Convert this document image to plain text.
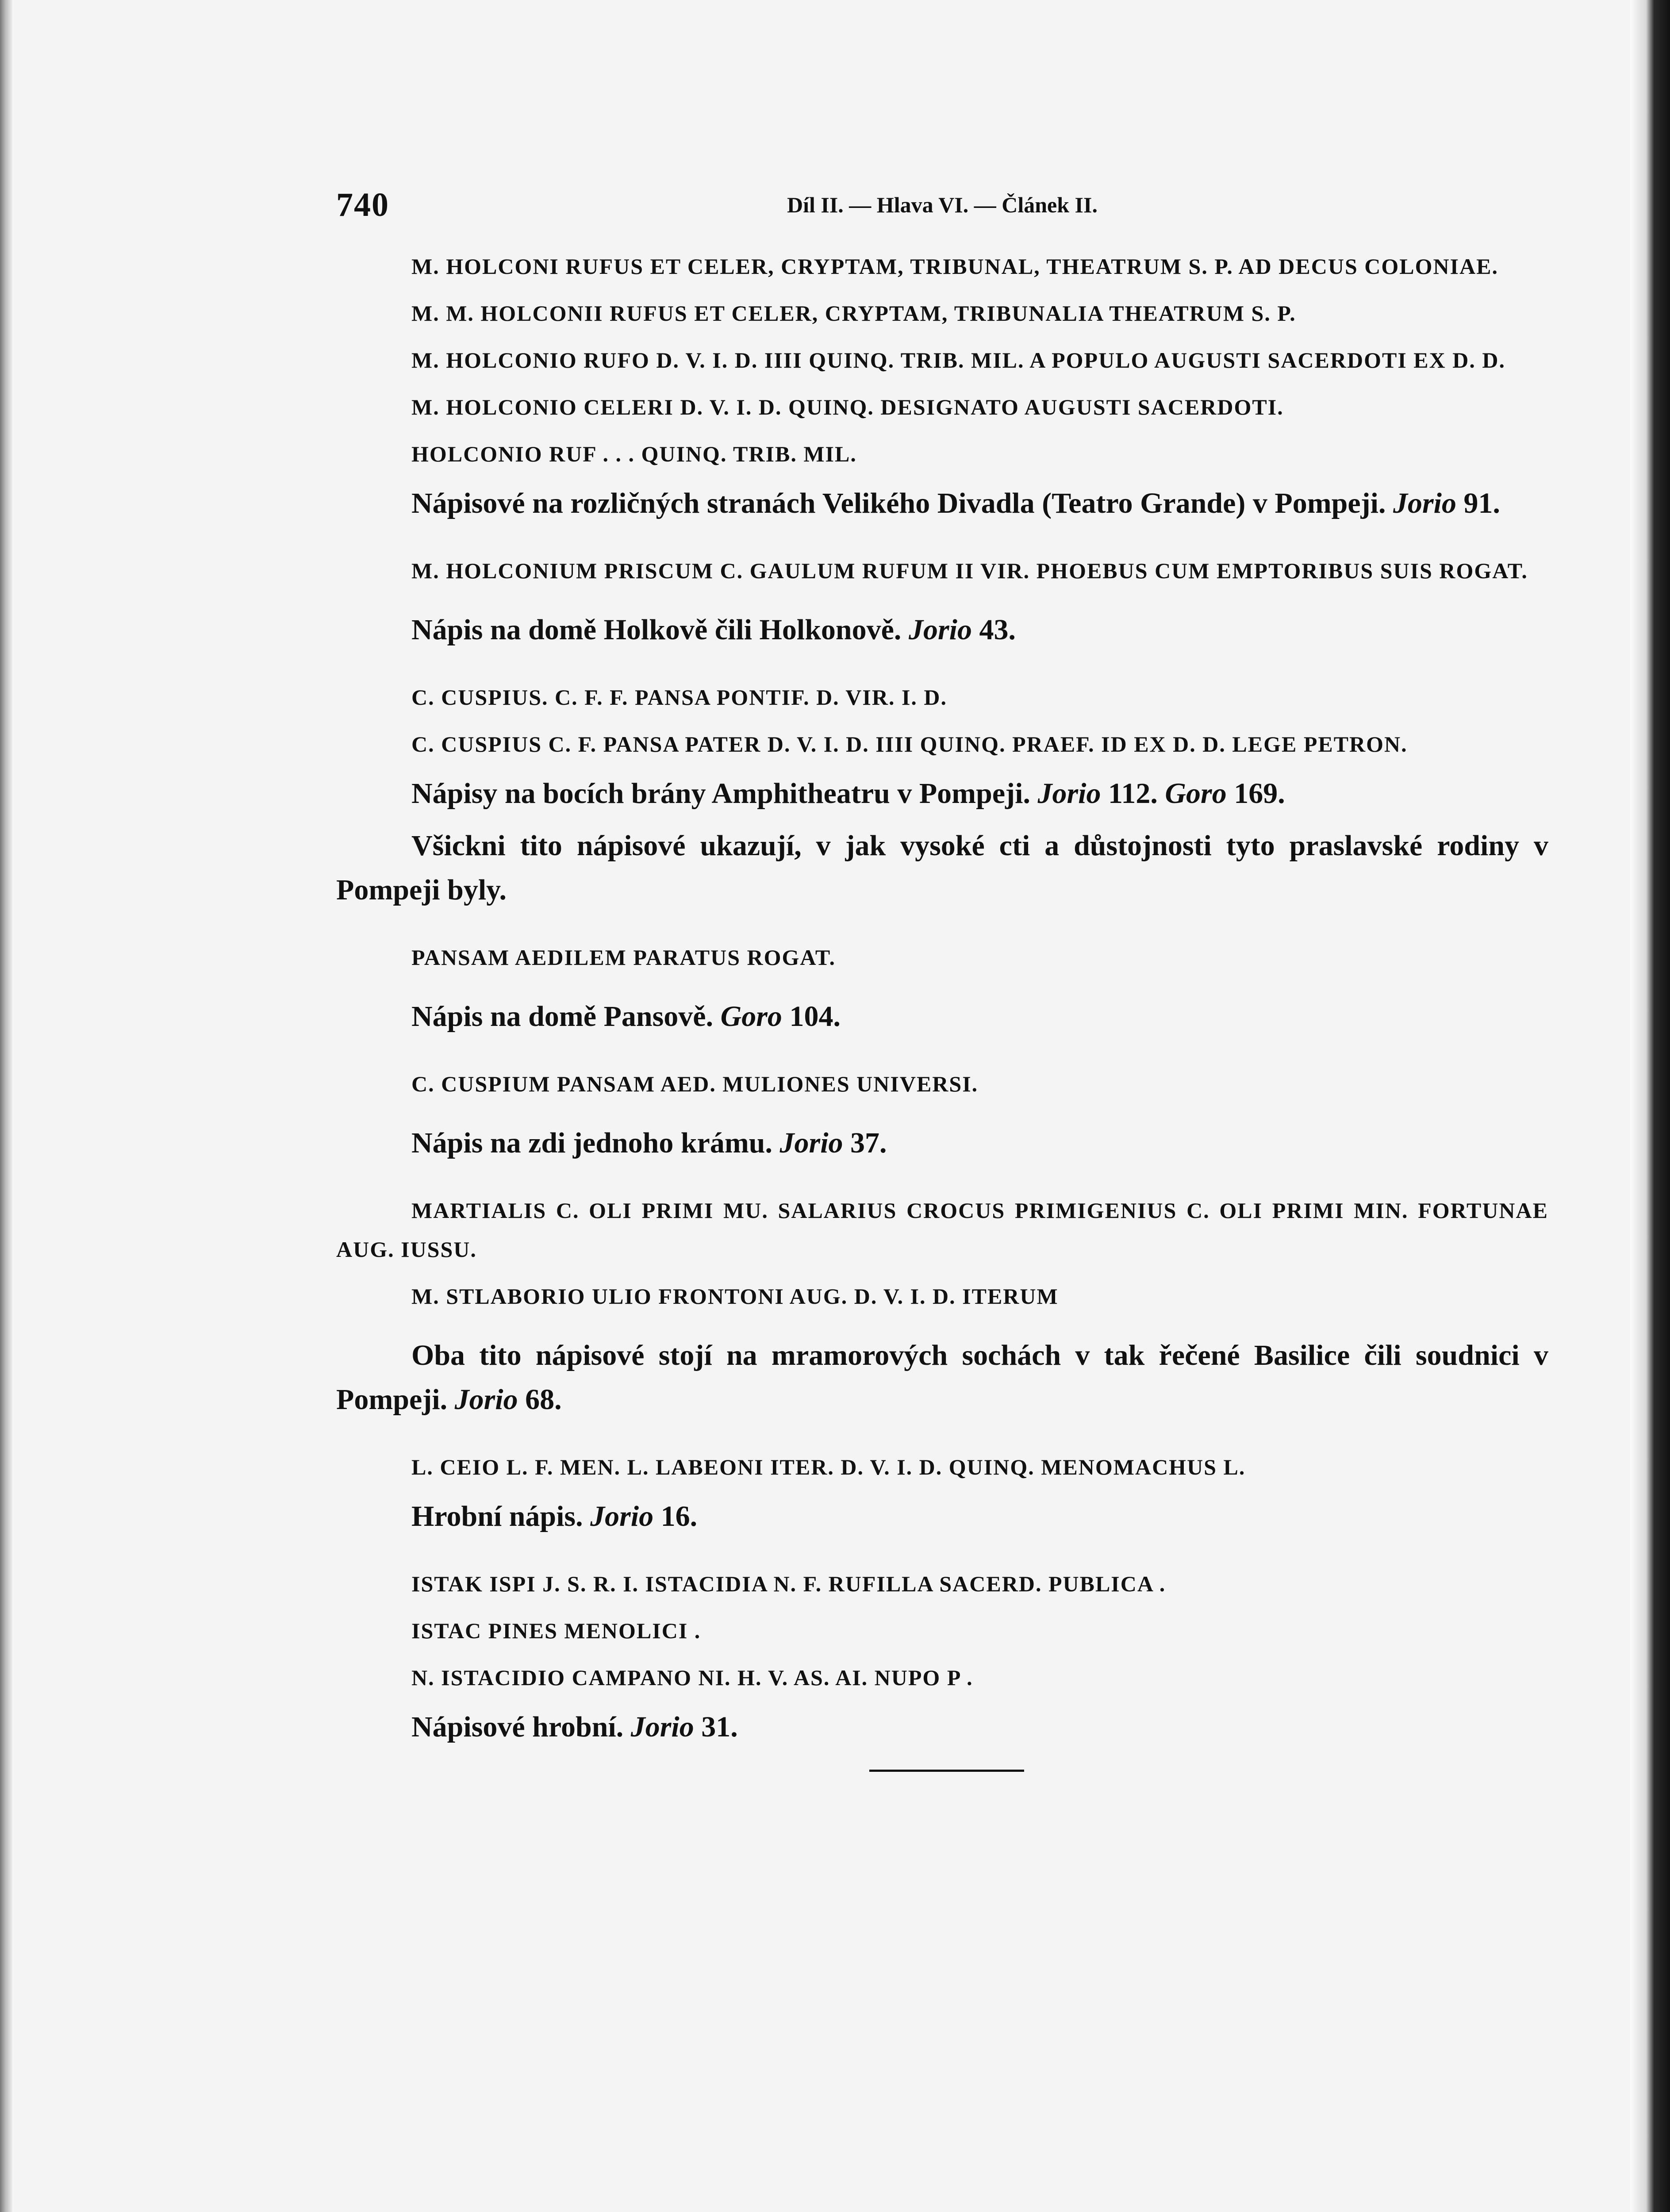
740	Díl II. — Hlava VI. — Článek II.

M. HOLCONI RUFUS ET CELER, CRYPTAM, TRIBUNAL, THEATRUM S. P. AD DECUS COLONIAE.

M. M. HOLCONII RUFUS ET CELER, CRYPTAM, TRIBUNALIA THEATRUM S. P.

M. HOLCONIO RUFO D. V. I. D. IIII QUINQ. TRIB. MIL. A POPULO AUGUSTI SACERDOTI EX D. D.

M. HOLCONIO CELERI D. V. I. D. QUINQ. DESIGNATO AUGUSTI SACERDOTI.

HOLCONIO RUF . . . QUINQ. TRIB. MIL.

Nápisové na rozličných stranách Velikého Divadla (Teatro Grande) v Pompeji. Jorio 91.

M. HOLCONIUM PRISCUM C. GAULUM RUFUM II VIR. PHOEBUS CUM EMPTORIBUS SUIS ROGAT.

Nápis na domě Holkově čili Holkonově. Jorio 43.

C. CUSPIUS. C. F. F. PANSA PONTIF. D. VIR. I. D.

C. CUSPIUS C. F. PANSA PATER D. V. I. D. IIII QUINQ. PRAEF. ID EX D. D. LEGE PETRON.

Nápisy na bocích brány Amphitheatru v Pompeji. Jorio 112. Goro 169.

Všickni tito nápisové ukazují, v jak vysoké cti a důstojnosti tyto praslavské rodiny v Pompeji byly.

PANSAM AEDILEM PARATUS ROGAT.

Nápis na domě Pansově. Goro 104.

C. CUSPIUM PANSAM AED. MULIONES UNIVERSI.

Nápis na zdi jednoho krámu. Jorio 37.

MARTIALIS C. OLI PRIMI MU. SALARIUS CROCUS PRIMIGENIUS C. OLI PRIMI MIN. FORTUNAE AUG. IUSSU.

M. STLABORIO ULIO FRONTONI AUG. D. V. I. D. ITERUM

Oba tito nápisové stojí na mramorových sochách v tak řečené Basilice čili soudnici v Pompeji. Jorio 68.

L. CEIO L. F. MEN. L. LABEONI ITER. D. V. I. D. QUINQ. MENOMACHUS L.

Hrobní nápis. Jorio 16.

ISTAK ISPI J. S. R. I. ISTACIDIA N. F. RUFILLA SACERD. PUBLICA .

ISTAC PINES MENOLICI .

N. ISTACIDIO CAMPANO NI. H. V. AS. AI. NUPO P .

Nápisové hrobní. Jorio 31.
